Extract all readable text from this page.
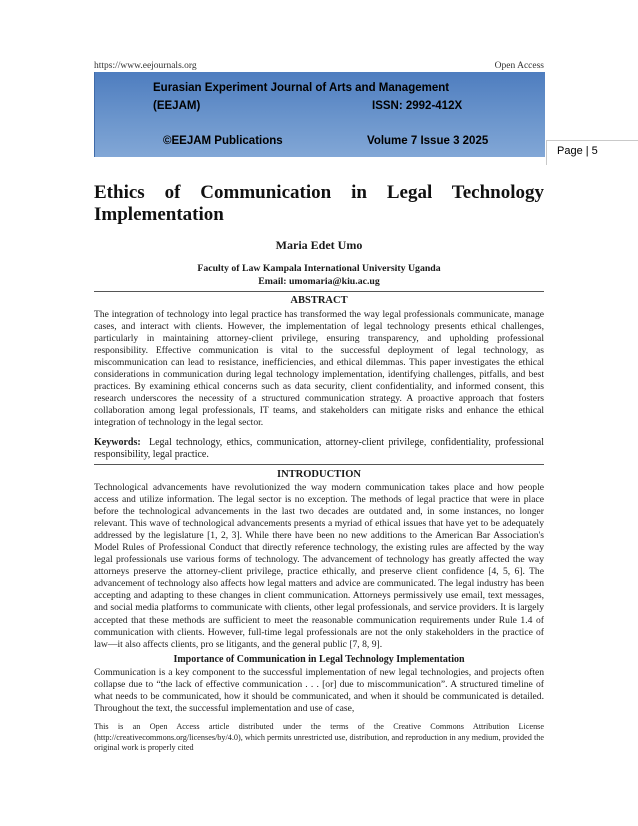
https://www.eejournals.org	Open Access
Eurasian Experiment Journal of Arts and Management
(EEJAM)	ISSN: 2992-412X
©EEJAM Publications	Volume 7 Issue 3 2025
Page | 5
Ethics of Communication in Legal Technology Implementation
Maria Edet Umo
Faculty of Law Kampala International University Uganda
Email: umomaria@kiu.ac.ug
ABSTRACT
The integration of technology into legal practice has transformed the way legal professionals communicate, manage cases, and interact with clients. However, the implementation of legal technology presents ethical challenges, particularly in maintaining attorney-client privilege, ensuring transparency, and upholding professional responsibility. Effective communication is vital to the successful deployment of legal technology, as miscommunication can lead to resistance, inefficiencies, and ethical dilemmas. This paper investigates the ethical considerations in communication during legal technology implementation, identifying challenges, pitfalls, and best practices. By examining ethical concerns such as data security, client confidentiality, and informed consent, this research underscores the necessity of a structured communication strategy. A proactive approach that fosters collaboration among legal professionals, IT teams, and stakeholders can mitigate risks and enhance the ethical integration of technology in the legal sector.
Keywords: Legal technology, ethics, communication, attorney-client privilege, confidentiality, professional responsibility, legal practice.
INTRODUCTION
Technological advancements have revolutionized the way modern communication takes place and how people access and utilize information. The legal sector is no exception. The methods of legal practice that were in place before the technological advancements in the last two decades are outdated and, in some instances, no longer relevant. This wave of technological advancements presents a myriad of ethical issues that have yet to be adequately addressed by the legislature [1, 2, 3]. While there have been no new additions to the American Bar Association's Model Rules of Professional Conduct that directly reference technology, the existing rules are affected by the way legal professionals use various forms of technology. The advancement of technology has greatly affected the way attorneys preserve the attorney-client privilege, practice ethically, and preserve client confidence [4, 5, 6]. The advancement of technology also affects how legal matters and advice are communicated. The legal industry has been accepting and adapting to these changes in client communication. Attorneys permissively use email, text messages, and social media platforms to communicate with clients, other legal professionals, and service providers. It is largely accepted that these methods are sufficient to meet the reasonable communication requirements under Rule 1.4 of communication with clients. However, full-time legal professionals are not the only stakeholders in the practice of law—it also affects clients, pro se litigants, and the general public [7, 8, 9].
Importance of Communication in Legal Technology Implementation
Communication is a key component to the successful implementation of new legal technologies, and projects often collapse due to “the lack of effective communication . . . [or] due to miscommunication”. A structured timeline of what needs to be communicated, how it should be communicated, and when it should be communicated is detailed. Throughout the text, the successful implementation and use of case,
This is an Open Access article distributed under the terms of the Creative Commons Attribution License (http://creativecommons.org/licenses/by/4.0), which permits unrestricted use, distribution, and reproduction in any medium, provided the original work is properly cited
